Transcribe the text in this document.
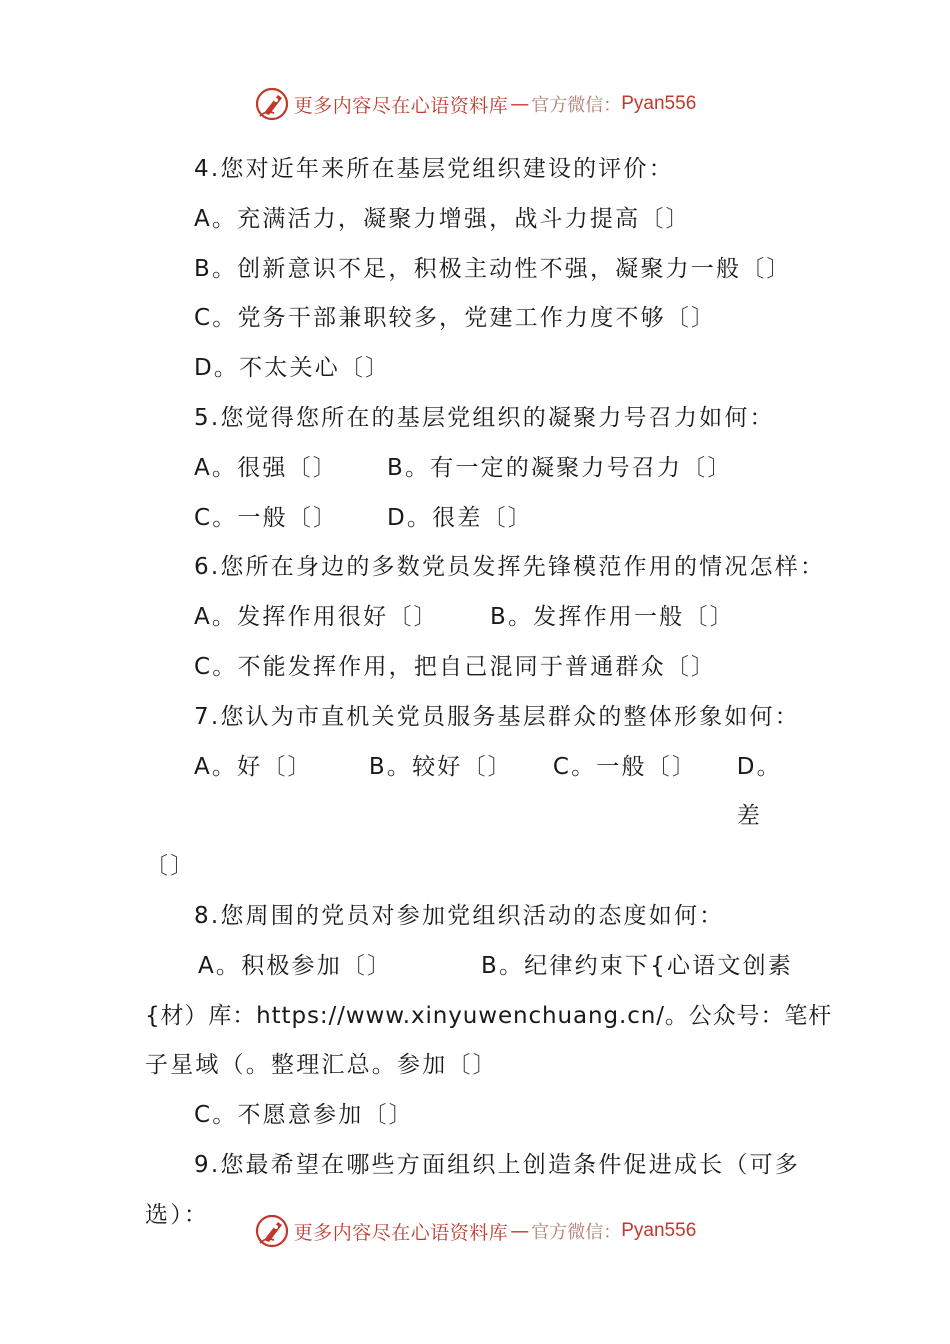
更多内容尽在心语资料库 — 官方微信： Pyan556

4.您对近年来所在基层党组织建设的评价：

A。充满活力，凝聚力增强，战斗力提高〔〕

B。创新意识不足，积极主动性不强，凝聚力一般〔〕

C。党务干部兼职较多，党建工作力度不够〔〕

D。不太关心〔〕

5.您觉得您所在的基层党组织的凝聚力号召力如何：

A。很强〔〕	B。有一定的凝聚力号召力〔〕
C。一般〔〕	D。很差〔〕

6.您所在身边的多数党员发挥先锋模范作用的情况怎样：

A。发挥作用很好〔〕	B。发挥作用一般〔〕

C。不能发挥作用，把自己混同于普通群众〔〕

7.您认为市直机关党员服务基层群众的整体形象如何：

A。好〔〕	B。较好〔〕	C。一般〔〕	D。差

〔〕

8.您周围的党员对参加党组织活动的态度如何：

A。积极参加〔〕	B。纪律约束下{心语文创素

{材）库：https://www.xinyuwenchuang.cn/。公众号：笔杆

子星域（。整理汇总。参加〔〕

C。不愿意参加〔〕

9.您最希望在哪些方面组织上创造条件促进成长（可多

选）：

更多内容尽在心语资料库 — 官方微信： Pyan556
